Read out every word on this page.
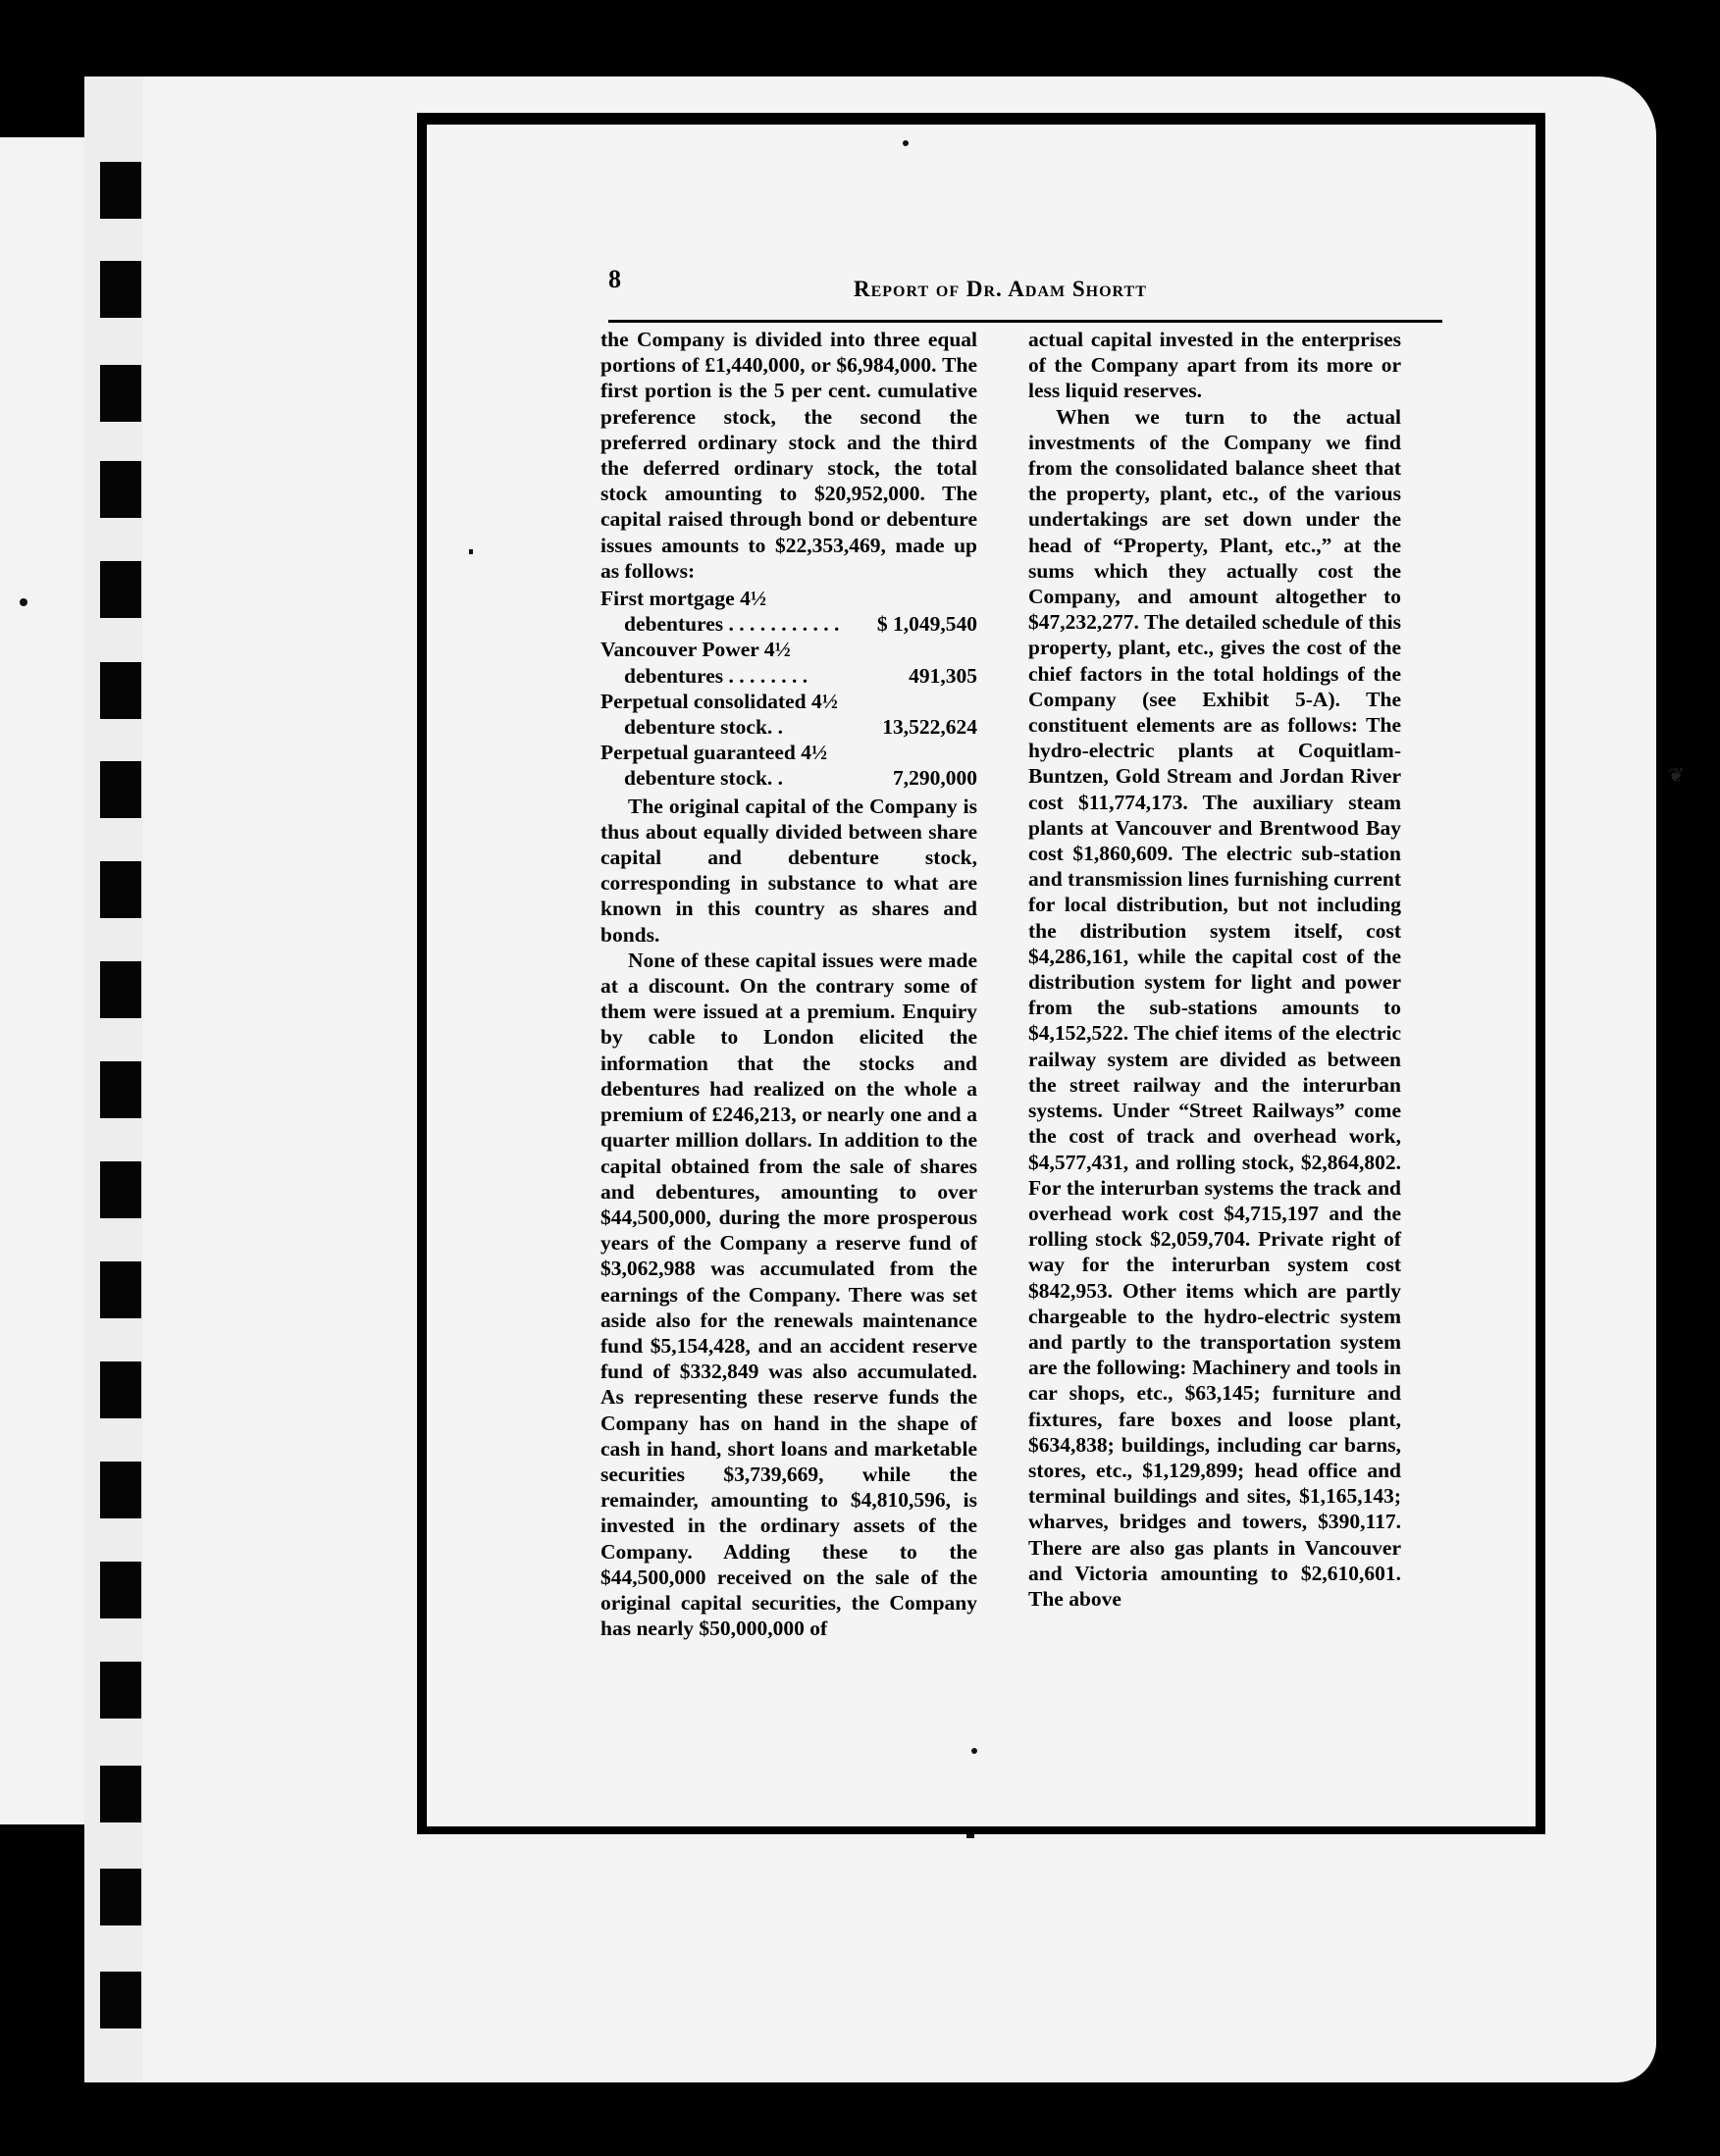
8	Report of Dr. Adam Shortt

the Company is divided into three equal portions of £1,440,000, or $6,984,000. The first portion is the 5 per cent. cumulative preference stock, the second the preferred ordinary stock and the third the deferred ordinary stock, the total stock amounting to $20,952,000. The capital raised through bond or debenture issues amounts to $22,353,469, made up as follows:

First mortgage 4½ debentures . . . . . . . . . . .	$ 1,049,540
Vancouver Power 4½ debentures . . . . . . . .	491,305
Perpetual consolidated 4½ debenture stock. .	13,522,624
Perpetual guaranteed 4½ debenture stock. .	7,290,000

The original capital of the Company is thus about equally divided between share capital and debenture stock, corresponding in substance to what are known in this country as shares and bonds.

None of these capital issues were made at a discount. On the contrary some of them were issued at a premium. Enquiry by cable to London elicited the information that the stocks and debentures had realized on the whole a premium of £246,213, or nearly one and a quarter million dollars. In addition to the capital obtained from the sale of shares and debentures, amounting to over $44,500,000, during the more prosperous years of the Company a reserve fund of $3,062,988 was accumulated from the earnings of the Company. There was set aside also for the renewals maintenance fund $5,154,428, and an accident reserve fund of $332,849 was also accumulated. As representing these reserve funds the Company has on hand in the shape of cash in hand, short loans and marketable securities $3,739,669, while the remainder, amounting to $4,810,596, is invested in the ordinary assets of the Company. Adding these to the $44,500,000 received on the sale of the original capital securities, the Company has nearly $50,000,000 of

actual capital invested in the enterprises of the Company apart from its more or less liquid reserves.

When we turn to the actual investments of the Company we find from the consolidated balance sheet that the property, plant, etc., of the various undertakings are set down under the head of “Property, Plant, etc.,” at the sums which they actually cost the Company, and amount altogether to $47,232,277. The detailed schedule of this property, plant, etc., gives the cost of the chief factors in the total holdings of the Company (see Exhibit 5-A). The constituent elements are as follows: The hydro-electric plants at Coquitlam-Buntzen, Gold Stream and Jordan River cost $11,774,173. The auxiliary steam plants at Vancouver and Brentwood Bay cost $1,860,609. The electric sub-station and transmission lines furnishing current for local distribution, but not including the distribution system itself, cost $4,286,161, while the capital cost of the distribution system for light and power from the sub-stations amounts to $4,152,522. The chief items of the electric railway system are divided as between the street railway and the interurban systems. Under “Street Railways” come the cost of track and overhead work, $4,577,431, and rolling stock, $2,864,802. For the interurban systems the track and overhead work cost $4,715,197 and the rolling stock $2,059,704. Private right of way for the interurban system cost $842,953. Other items which are partly chargeable to the hydro-electric system and partly to the transportation system are the following: Machinery and tools in car shops, etc., $63,145; furniture and fixtures, fare boxes and loose plant, $634,838; buildings, including car barns, stores, etc., $1,129,899; head office and terminal buildings and sites, $1,165,143; wharves, bridges and towers, $390,117. There are also gas plants in Vancouver and Victoria amounting to $2,610,601. The above

❦
